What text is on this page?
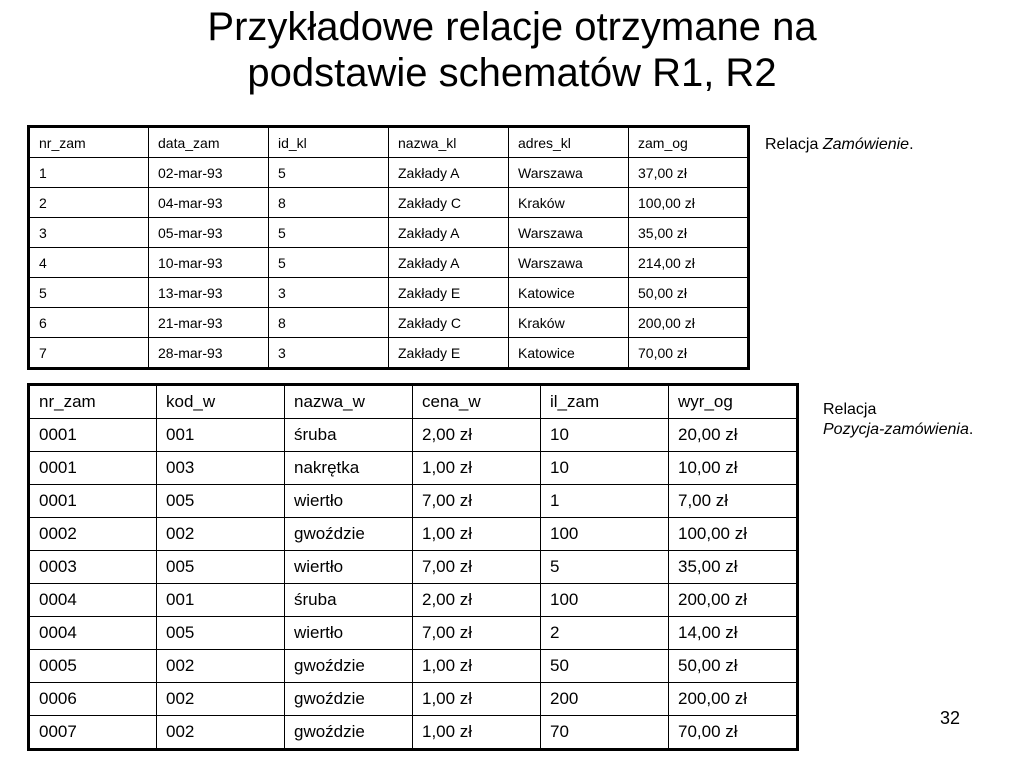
Przykładowe relacje otrzymane na
podstawie schematów R1, R2
nr_zam	data_zam	id_kl	nazwa_kl	adres_kl	zam_og
1	02-mar-93	5	Zakłady A	Warszawa	37,00 zł
2	04-mar-93	8	Zakłady C	Kraków	100,00 zł
3	05-mar-93	5	Zakłady A	Warszawa	35,00 zł
4	10-mar-93	5	Zakłady A	Warszawa	214,00 zł
5	13-mar-93	3	Zakłady E	Katowice	50,00 zł
6	21-mar-93	8	Zakłady C	Kraków	200,00 zł
7	28-mar-93	3	Zakłady E	Katowice	70,00 zł
Relacja Zamówienie.
nr_zam	kod_w	nazwa_w	cena_w	il_zam	wyr_og
0001	001	śruba	2,00 zł	10	20,00 zł
0001	003	nakrętka	1,00 zł	10	10,00 zł
0001	005	wiertło	7,00 zł	1	7,00 zł
0002	002	gwoździe	1,00 zł	100	100,00 zł
0003	005	wiertło	7,00 zł	5	35,00 zł
0004	001	śruba	2,00 zł	100	200,00 zł
0004	005	wiertło	7,00 zł	2	14,00 zł
0005	002	gwoździe	1,00 zł	50	50,00 zł
0006	002	gwoździe	1,00 zł	200	200,00 zł
0007	002	gwoździe	1,00 zł	70	70,00 zł
Relacja
Pozycja-zamówienia.
32
